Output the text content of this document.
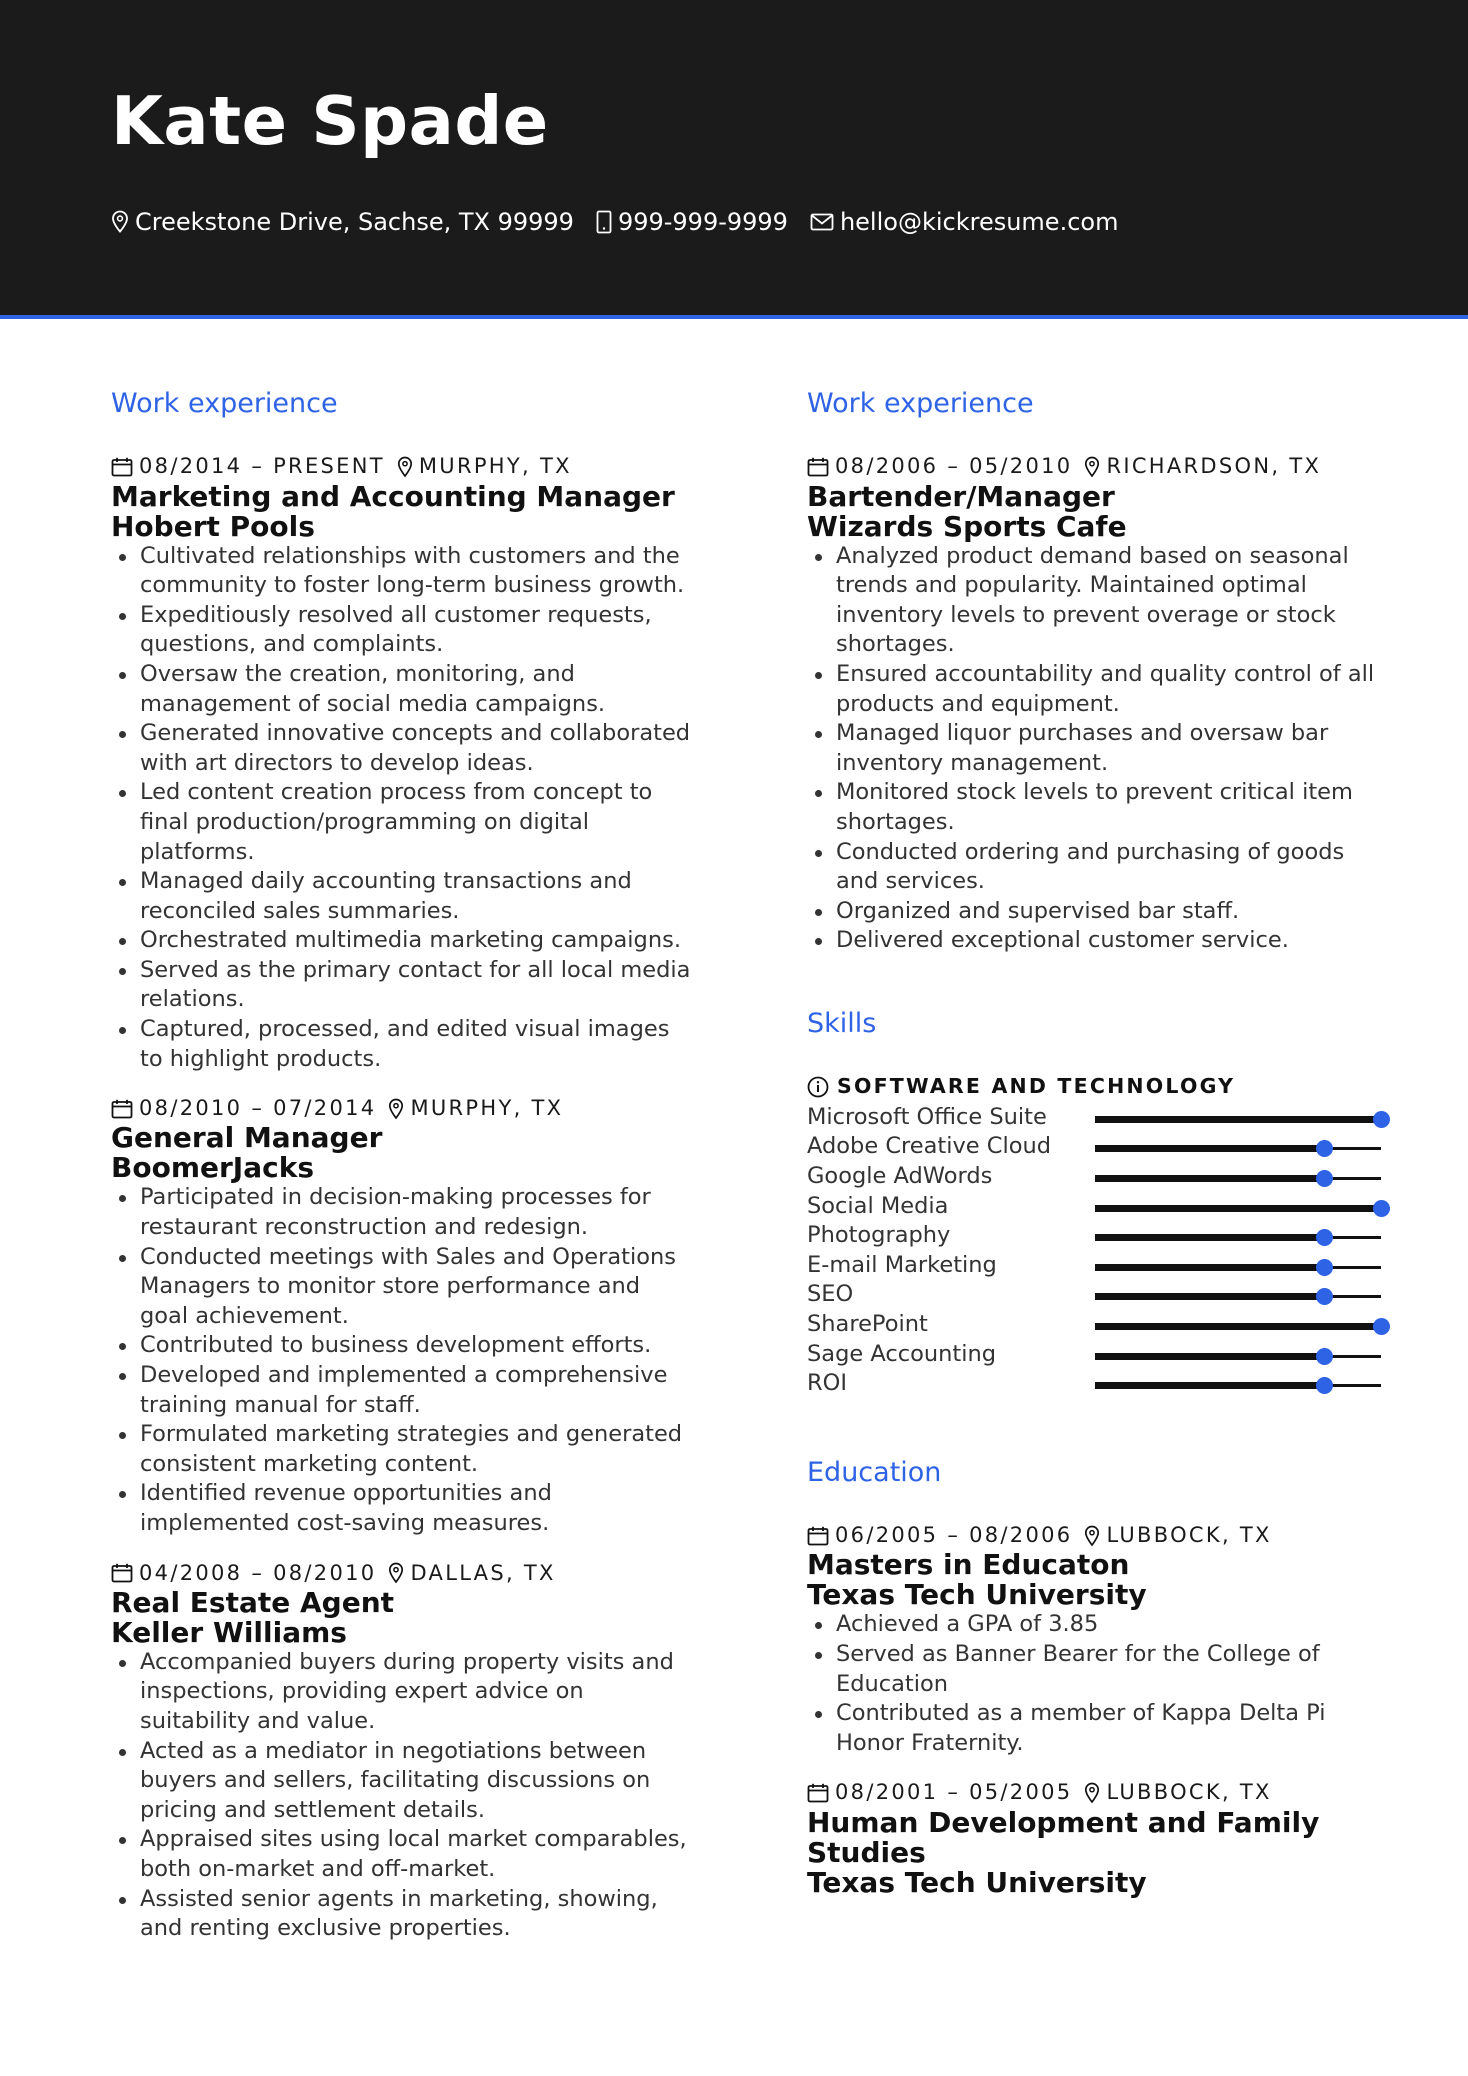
Kate Spade
Creekstone Drive, Sachse, TX 99999 999-999-9999 hello@kickresume.com
Work experience
08/2014 – PRESENT MURPHY, TX
Marketing and Accounting Manager
Hobert Pools
Cultivated relationships with customers and the community to foster long-term business growth.
Expeditiously resolved all customer requests, questions, and complaints.
Oversaw the creation, monitoring, and management of social media campaigns.
Generated innovative concepts and collaborated with art directors to develop ideas.
Led content creation process from concept to final production/programming on digital platforms.
Managed daily accounting transactions and reconciled sales summaries.
Orchestrated multimedia marketing campaigns.
Served as the primary contact for all local media relations.
Captured, processed, and edited visual images to highlight products.
08/2010 – 07/2014 MURPHY, TX
General Manager
BoomerJacks
Participated in decision-making processes for restaurant reconstruction and redesign.
Conducted meetings with Sales and Operations Managers to monitor store performance and goal achievement.
Contributed to business development efforts.
Developed and implemented a comprehensive training manual for staff.
Formulated marketing strategies and generated consistent marketing content.
Identified revenue opportunities and implemented cost-saving measures.
04/2008 – 08/2010 DALLAS, TX
Real Estate Agent
Keller Williams
Accompanied buyers during property visits and inspections, providing expert advice on suitability and value.
Acted as a mediator in negotiations between buyers and sellers, facilitating discussions on pricing and settlement details.
Appraised sites using local market comparables, both on-market and off-market.
Assisted senior agents in marketing, showing, and renting exclusive properties.
Work experience
08/2006 – 05/2010 RICHARDSON, TX
Bartender/Manager
Wizards Sports Cafe
Analyzed product demand based on seasonal trends and popularity. Maintained optimal inventory levels to prevent overage or stock shortages.
Ensured accountability and quality control of all products and equipment.
Managed liquor purchases and oversaw bar inventory management.
Monitored stock levels to prevent critical item shortages.
Conducted ordering and purchasing of goods and services.
Organized and supervised bar staff.
Delivered exceptional customer service.
Skills
SOFTWARE AND TECHNOLOGY
Microsoft Office Suite
Adobe Creative Cloud
Google AdWords
Social Media
Photography
E-mail Marketing
SEO
SharePoint
Sage Accounting
ROI
Education
06/2005 – 08/2006 LUBBOCK, TX
Masters in Educaton
Texas Tech University
Achieved a GPA of 3.85
Served as Banner Bearer for the College of Education
Contributed as a member of Kappa Delta Pi Honor Fraternity.
08/2001 – 05/2005 LUBBOCK, TX
Human Development and Family Studies
Texas Tech University
